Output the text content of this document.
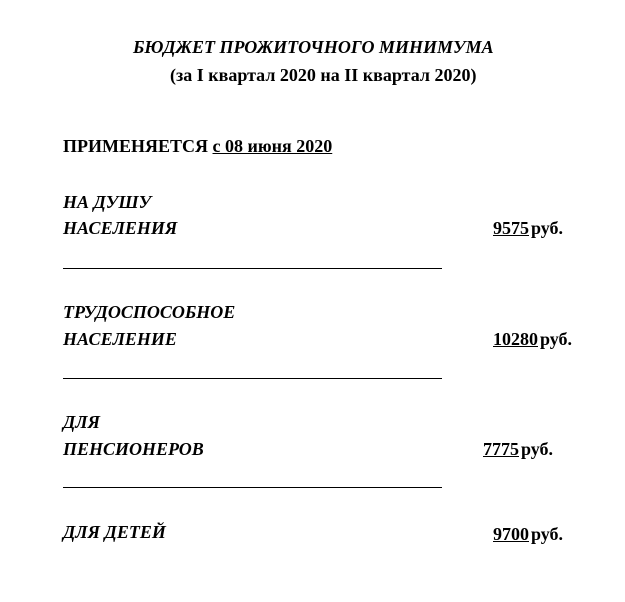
БЮДЖЕТ ПРОЖИТОЧНОГО МИНИМУМА
(за I квартал 2020 на II квартал 2020)
ПРИМЕНЯЕТСЯ с 08 июня 2020
НА ДУШУ
НАСЕЛЕНИЯ	9575 руб.
ТРУДОСПОСОБНОЕ
НАСЕЛЕНИЕ	10280 руб.
ДЛЯ
ПЕНСИОНЕРОВ	7775 руб.
ДЛЯ ДЕТЕЙ	9700 руб.
